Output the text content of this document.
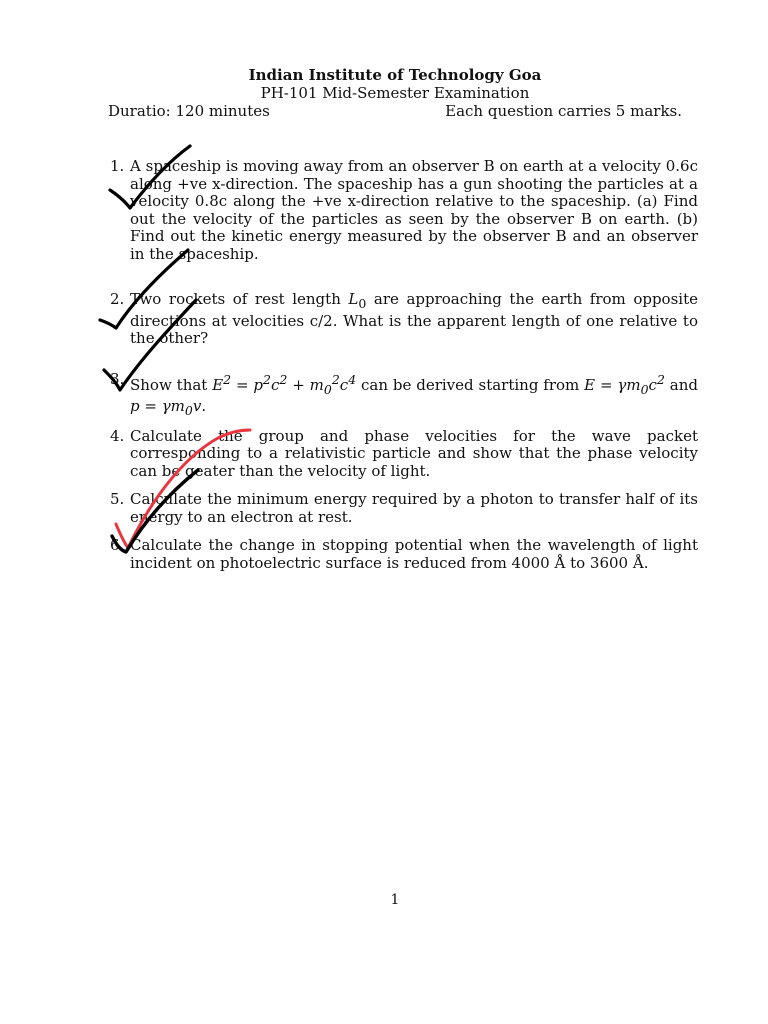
Indian Institute of Technology Goa
PH-101 Mid-Semester Examination
Duratio: 120 minutes	Each question carries 5 marks.
1. A spaceship is moving away from an observer B on earth at a velocity 0.6c along +ve x-direction. The spaceship has a gun shooting the particles at a velocity 0.8c along the +ve x-direction relative to the spaceship. (a) Find out the velocity of the particles as seen by the observer B on earth. (b) Find out the kinetic energy measured by the observer B and an observer in the spaceship.
2. Two rockets of rest length $L_0$ are approaching the earth from opposite directions at velocities c/2. What is the apparent length of one relative to the other?
3. Show that $E^2 = p^2c^2 + m_0^2c^4$ can be derived starting from $E = \gamma m_0c^2$ and $p = \gamma m_0v$.
4. Calculate the group and phase velocities for the wave packet corresponding to a relativistic particle and show that the phase velocity can be geater than the velocity of light.
5. Calculate the minimum energy required by a photon to transfer half of its energy to an electron at rest.
6. Calculate the change in stopping potential when the wavelength of light incident on photoelectric surface is reduced from 4000 Å to 3600 Å.
1
